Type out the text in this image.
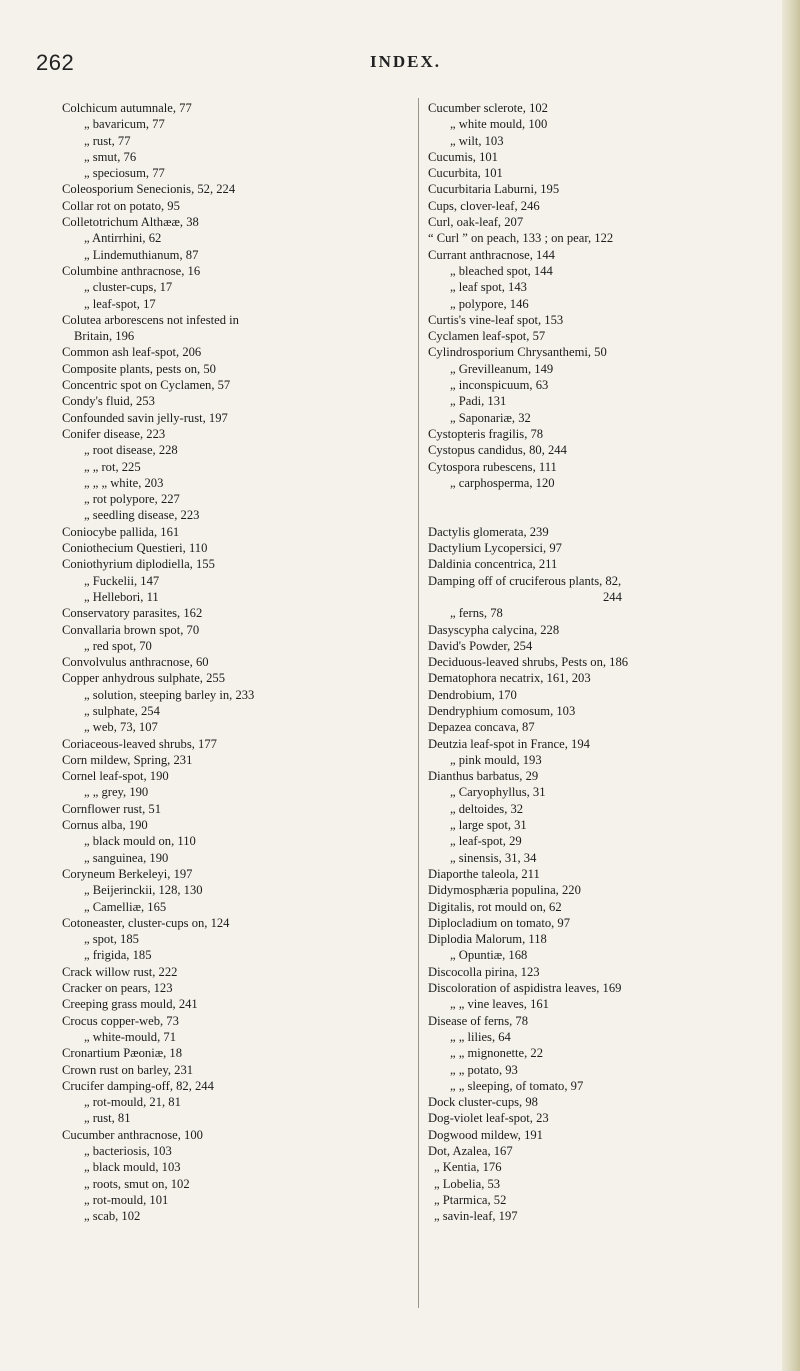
262	INDEX.
Colchicum autumnale, 77
„ bavaricum, 77
„ rust, 77
„ smut, 76
„ speciosum, 77
Coleosporium Senecionis, 52, 224
Collar rot on potato, 95
Colletotrichum Althææ, 38
„ Antirrhini, 62
„ Lindemuthianum, 87
Columbine anthracnose, 16
„ cluster-cups, 17
„ leaf-spot, 17
Colutea arborescens not infested in
Britain, 196
Common ash leaf-spot, 206
Composite plants, pests on, 50
Concentric spot on Cyclamen, 57
Condy's fluid, 253
Confounded savin jelly-rust, 197
Conifer disease, 223
„ root disease, 228
„ „ rot, 225
„ „ „ white, 203
„ rot polypore, 227
„ seedling disease, 223
Coniocybe pallida, 161
Coniothecium Questieri, 110
Coniothyrium diplodiella, 155
„ Fuckelii, 147
„ Hellebori, 11
Conservatory parasites, 162
Convallaria brown spot, 70
„ red spot, 70
Convolvulus anthracnose, 60
Copper anhydrous sulphate, 255
„ solution, steeping barley in, 233
„ sulphate, 254
„ web, 73, 107
Coriaceous-leaved shrubs, 177
Corn mildew, Spring, 231
Cornel leaf-spot, 190
„ „ grey, 190
Cornflower rust, 51
Cornus alba, 190
„ black mould on, 110
„ sanguinea, 190
Coryneum Berkeleyi, 197
„ Beijerinckii, 128, 130
„ Camelliæ, 165
Cotoneaster, cluster-cups on, 124
„ spot, 185
„ frigida, 185
Crack willow rust, 222
Cracker on pears, 123
Creeping grass mould, 241
Crocus copper-web, 73
„ white-mould, 71
Cronartium Pæoniæ, 18
Crown rust on barley, 231
Crucifer damping-off, 82, 244
„ rot-mould, 21, 81
„ rust, 81
Cucumber anthracnose, 100
„ bacteriosis, 103
„ black mould, 103
„ roots, smut on, 102
„ rot-mould, 101
„ scab, 102
Cucumber sclerote, 102
„ white mould, 100
„ wilt, 103
Cucumis, 101
Cucurbita, 101
Cucurbitaria Laburni, 195
Cups, clover-leaf, 246
Curl, oak-leaf, 207
“ Curl ” on peach, 133 ; on pear, 122
Currant anthracnose, 144
„ bleached spot, 144
„ leaf spot, 143
„ polypore, 146
Curtis's vine-leaf spot, 153
Cyclamen leaf-spot, 57
Cylindrosporium Chrysanthemi, 50
„ Grevilleanum, 149
„ inconspicuum, 63
„ Padi, 131
„ Saponariæ, 32
Cystopteris fragilis, 78
Cystopus candidus, 80, 244
Cytospora rubescens, 111
„ carphosperma, 120
Dactylis glomerata, 239
Dactylium Lycopersici, 97
Daldinia concentrica, 211
Damping off of cruciferous plants, 82,
244
„ ferns, 78
Dasyscypha calycina, 228
David's Powder, 254
Deciduous-leaved shrubs, Pests on, 186
Dematophora necatrix, 161, 203
Dendrobium, 170
Dendryphium comosum, 103
Depazea concava, 87
Deutzia leaf-spot in France, 194
„ pink mould, 193
Dianthus barbatus, 29
„ Caryophyllus, 31
„ deltoides, 32
„ large spot, 31
„ leaf-spot, 29
„ sinensis, 31, 34
Diaporthe taleola, 211
Didymosphæria populina, 220
Digitalis, rot mould on, 62
Diplocladium on tomato, 97
Diplodia Malorum, 118
„ Opuntiæ, 168
Discocolla pirina, 123
Discoloration of aspidistra leaves, 169
„ „ vine leaves, 161
Disease of ferns, 78
„ „ lilies, 64
„ „ mignonette, 22
„ „ potato, 93
„ „ sleeping, of tomato, 97
Dock cluster-cups, 98
Dog-violet leaf-spot, 23
Dogwood mildew, 191
Dot, Azalea, 167
„ Kentia, 176
„ Lobelia, 53
„ Ptarmica, 52
„ savin-leaf, 197
